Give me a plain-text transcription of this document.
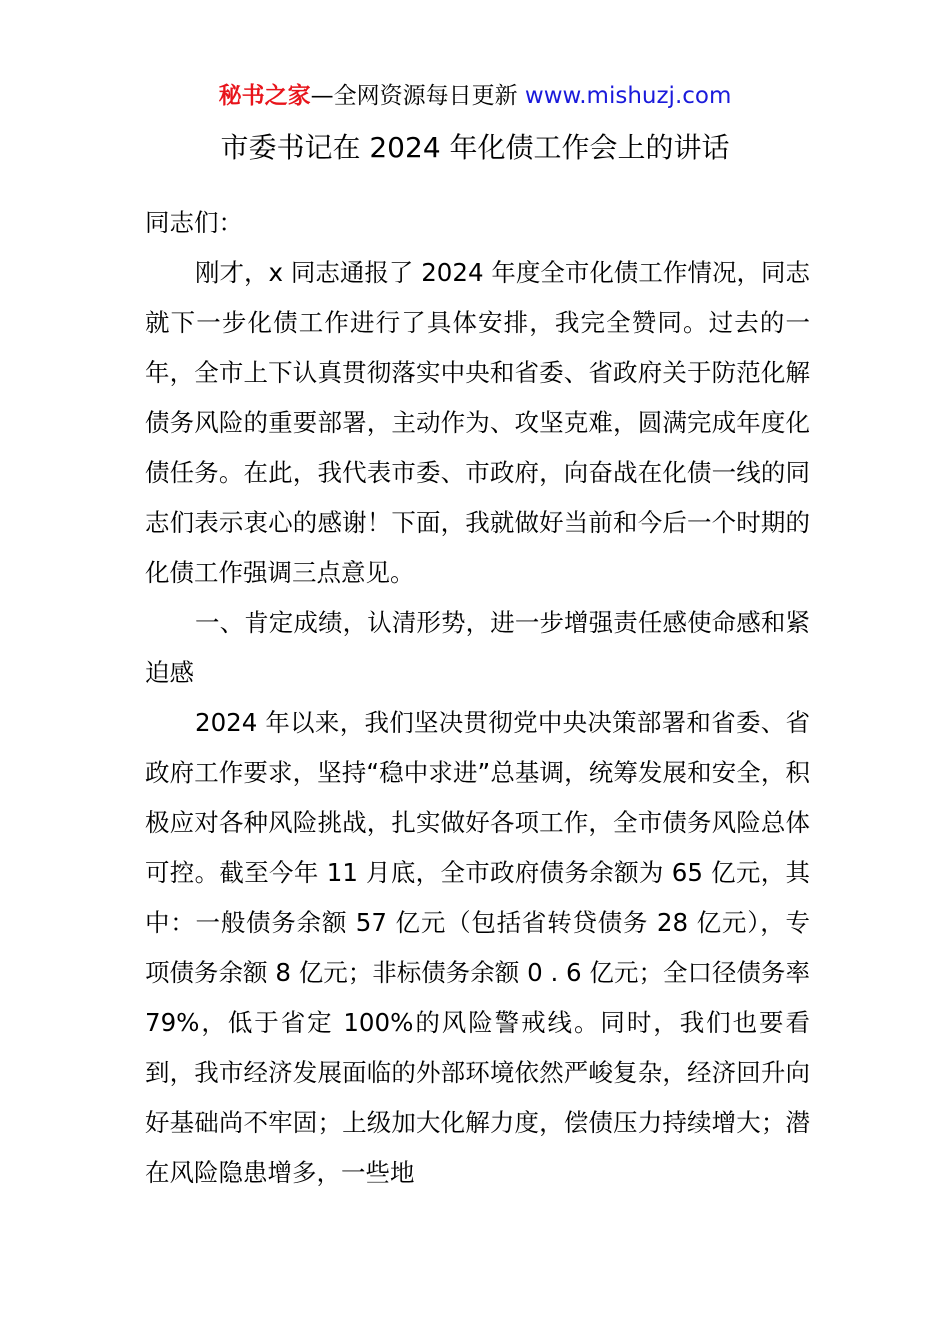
秘书之家—全网资源每日更新 www.mishuzj.com
市委书记在 2024 年化债工作会上的讲话

同志们：

刚才，x 同志通报了 2024 年度全市化债工作情况，同志就下一步化债工作进行了具体安排，我完全赞同。过去的一年，全市上下认真贯彻落实中央和省委、省政府关于防范化解债务风险的重要部署，主动作为、攻坚克难，圆满完成年度化债任务。在此，我代表市委、市政府，向奋战在化债一线的同志们表示衷心的感谢！下面，我就做好当前和今后一个时期的化债工作强调三点意见。

一、肯定成绩，认清形势，进一步增强责任感使命感和紧迫感

2024 年以来，我们坚决贯彻党中央决策部署和省委、省政府工作要求，坚持“稳中求进”总基调，统筹发展和安全，积极应对各种风险挑战，扎实做好各项工作，全市债务风险总体可控。截至今年 11 月底，全市政府债务余额为 65 亿元，其中：一般债务余额 57 亿元（包括省转贷债务 28 亿元），专项债务余额 8 亿元；非标债务余额 0 . 6 亿元；全口径债务率 79%，低于省定 100%的风险警戒线。同时，我们也要看到，我市经济发展面临的外部环境依然严峻复杂，经济回升向好基础尚不牢固；上级加大化解力度，偿债压力持续增大；潜在风险隐患增多，一些地
